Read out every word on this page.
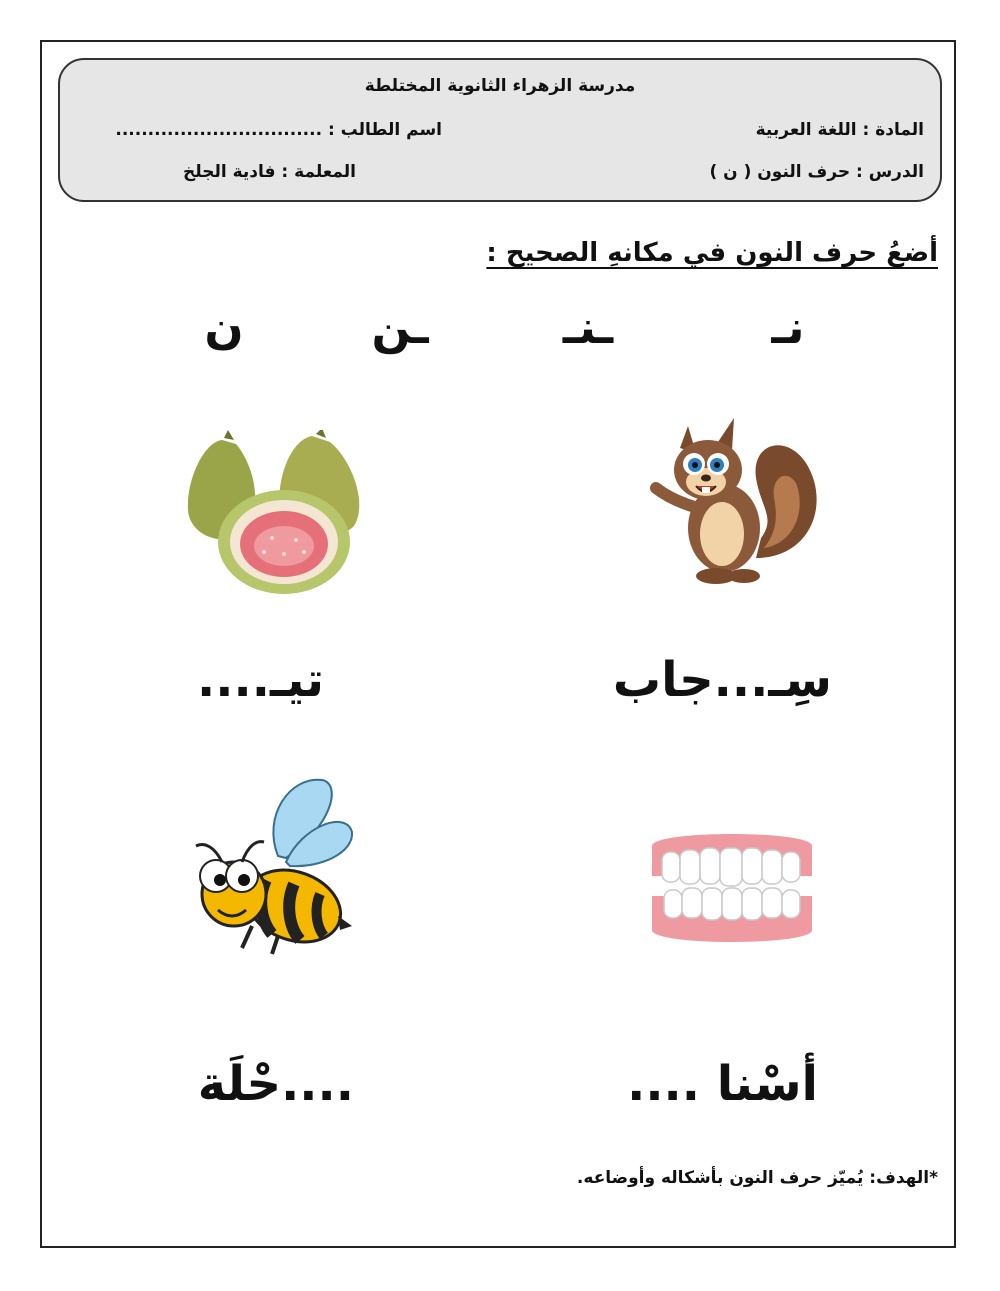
مدرسة الزهراء الثانوية المختلطة
المادة : اللغة العربية
اسم الطالب : ................................
الدرس : حرف النون ( ن )
المعلمة : فادية الجلخ
أضعُ حرف النون في مكانهِ الصحيح :
نـ
ـنـ
ـن
ن
سِـ...جاب
تيـ....
أسْنا ....
....حْلَة
*الهدف: يُميّز حرف النون بأشكاله وأوضاعه.
